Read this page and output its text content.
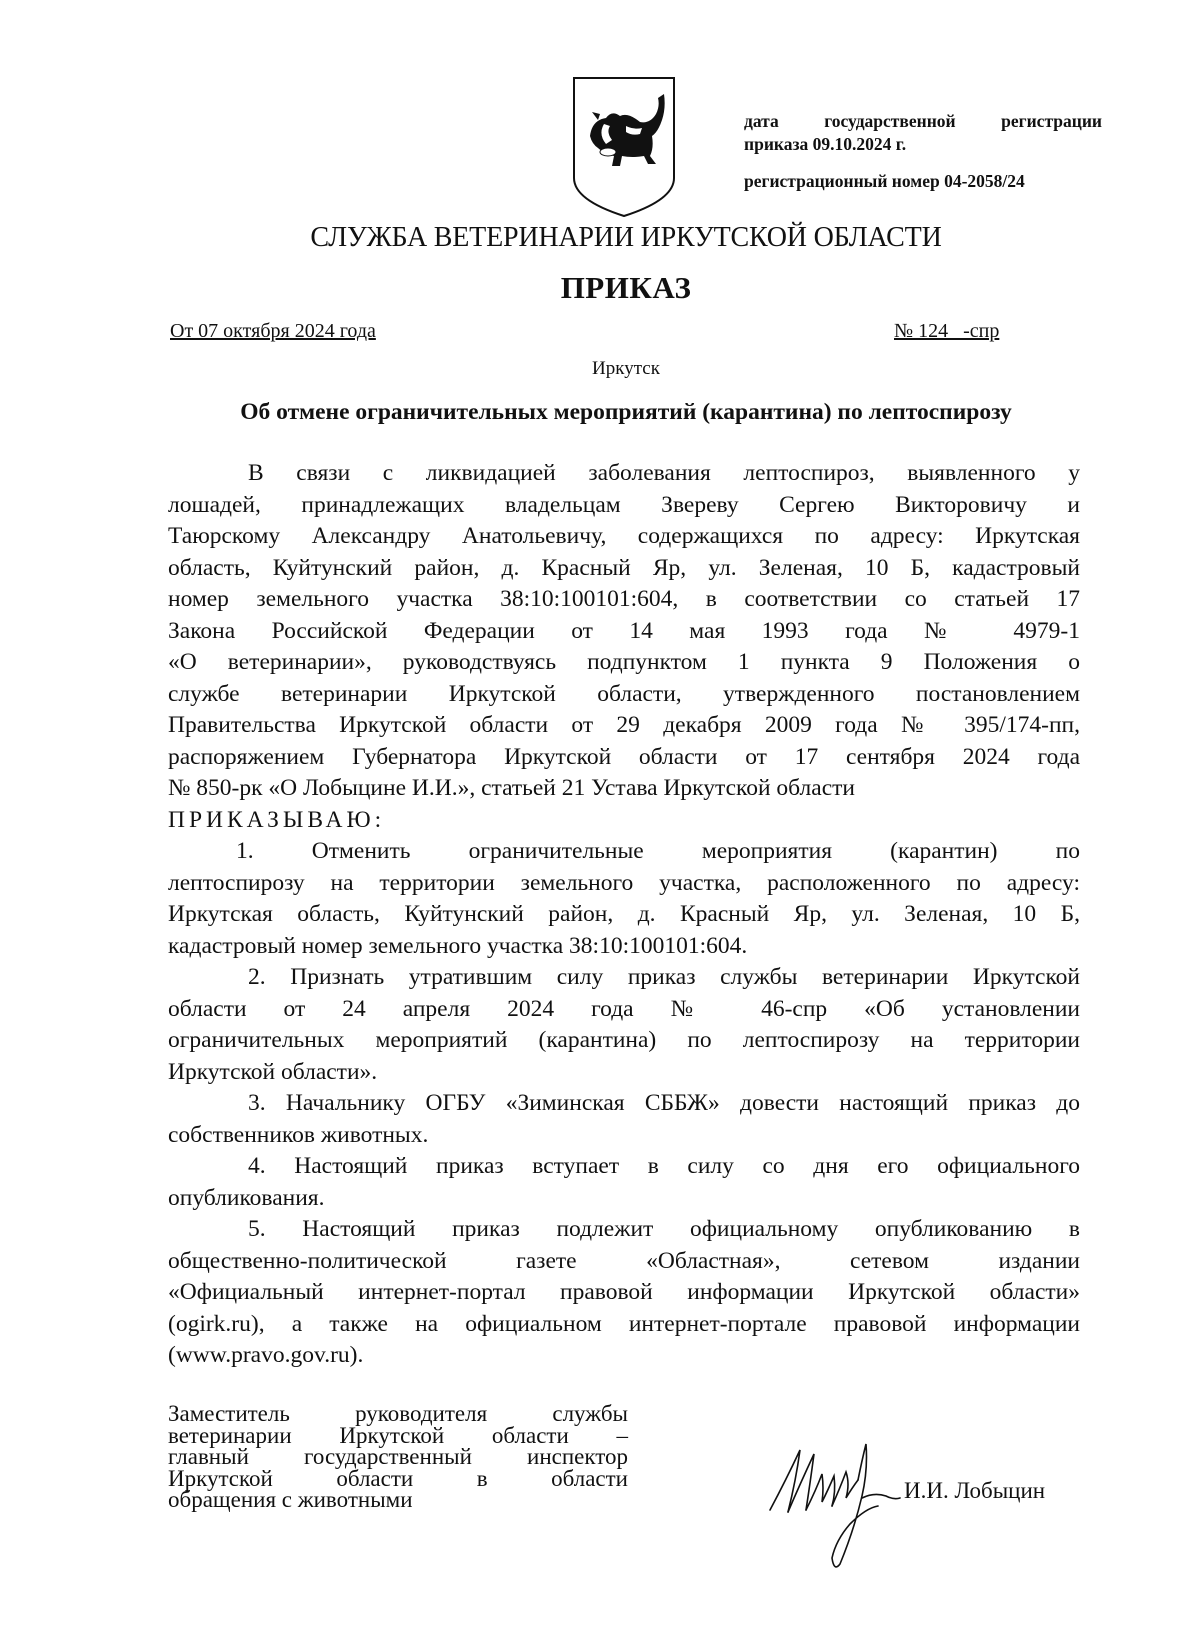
дата государственной регистрации

приказа 09.10.2024 г.

регистрационный номер 04-2058/24

СЛУЖБА ВЕТЕРИНАРИИ ИРКУТСКОЙ ОБЛАСТИ
ПРИКАЗ
От 07 октября 2024 года	№ 124   -спр
Иркутск
Об отмене ограничительных мероприятий (карантина) по лептоспирозу
В связи с ликвидацией заболевания лептоспироз, выявленного у
лошадей, принадлежащих владельцам Звереву Сергею Викторовичу и
Таюрскому Александру Анатольевичу, содержащихся по адресу: Иркутская
область, Куйтунский район, д. Красный Яр, ул. Зеленая, 10 Б, кадастровый
номер земельного участка 38:10:100101:604, в соответствии со статьей 17
Закона Российской Федерации от 14 мая 1993 года № 4979-1
«О ветеринарии», руководствуясь подпунктом 1 пункта 9 Положения о
службе ветеринарии Иркутской области, утвержденного постановлением
Правительства Иркутской области от 29 декабря 2009 года № 395/174-пп,
распоряжением Губернатора Иркутской области от 17 сентября 2024 года
№ 850-рк «О Лобыцине И.И.», статьей 21 Устава Иркутской области
ПРИКАЗЫВАЮ:
1. Отменить ограничительные мероприятия (карантин) по
лептоспирозу на территории земельного участка, расположенного по адресу:
Иркутская область, Куйтунский район, д. Красный Яр, ул. Зеленая, 10 Б,
кадастровый номер земельного участка 38:10:100101:604.
2. Признать утратившим силу приказ службы ветеринарии Иркутской
области от 24 апреля 2024 года № 46-спр «Об установлении
ограничительных мероприятий (карантина) по лептоспирозу на территории
Иркутской области».
3. Начальнику ОГБУ «Зиминская СББЖ» довести настоящий приказ до
собственников животных.
4. Настоящий приказ вступает в силу со дня его официального
опубликования.
5. Настоящий приказ подлежит официальному опубликованию в
общественно-политической газете «Областная», сетевом издании
«Официальный интернет-портал правовой информации Иркутской области»
(ogirk.ru), а также на официальном интернет-портале правовой информации
(www.pravo.gov.ru).
Заместитель руководителя службы
ветеринарии Иркутской области –
главный государственный инспектор
Иркутской области в области
обращения с животными	И.И. Лобыцин
